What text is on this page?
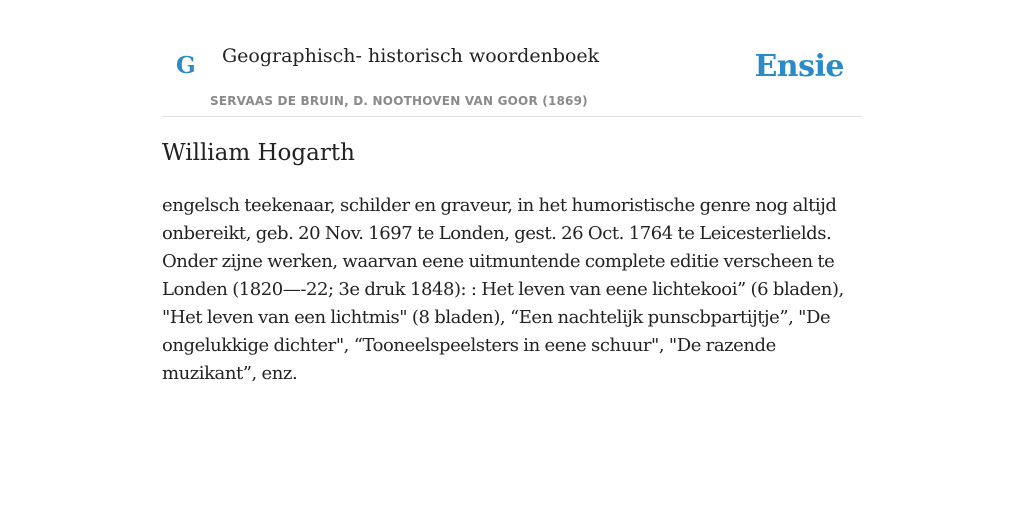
G Geographisch- historisch woordenboek
SERVAAS DE BRUIN, D. NOOTHOVEN VAN GOOR (1869)
Ensie
William Hogarth

engelsch teekenaar, schilder en graveur, in het humoristische genre nog altijd onbereikt, geb. 20 Nov. 1697 te Londen, gest. 26 Oct. 1764 te Leicesterlields. Onder zijne werken, waarvan eene uitmuntende complete editie verscheen te Londen (1820—-22; 3e druk 1848): : Het leven van eene lichtekooi” (6 bladen), "Het leven van een lichtmis" (8 bladen), “Een nachtelijk punscbpartijtje”, "De ongelukkige dichter", “Tooneelspeelsters in eene schuur", "De razende muzikant”, enz.
